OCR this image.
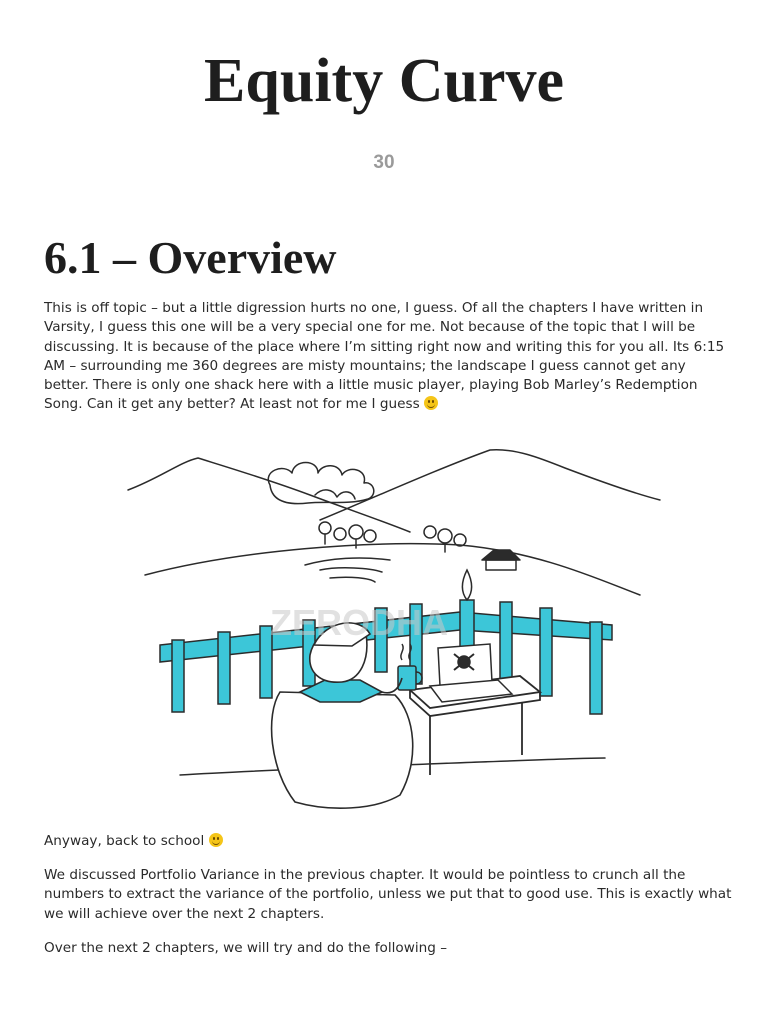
Equity Curve
30
6.1 – Overview

This is off topic – but a little digression hurts no one, I guess. Of all the chapters I have written in Varsity, I guess this one will be a very special one for me. Not because of the topic that I will be discussing. It is because of the place where I’m sitting right now and writing this for you all. Its 6:15 AM – surrounding me 360 degrees are misty mountains; the landscape I guess cannot get any better. There is only one shack here with a little music player, playing Bob Marley’s Redemption Song. Can it get any better? At least not for me I guess

ZERODHA

Anyway, back to school

We discussed Portfolio Variance in the previous chapter. It would be pointless to crunch all the numbers to extract the variance of the portfolio, unless we put that to good use. This is exactly what we will achieve over the next 2 chapters.

Over the next 2 chapters, we will try and do the following –
